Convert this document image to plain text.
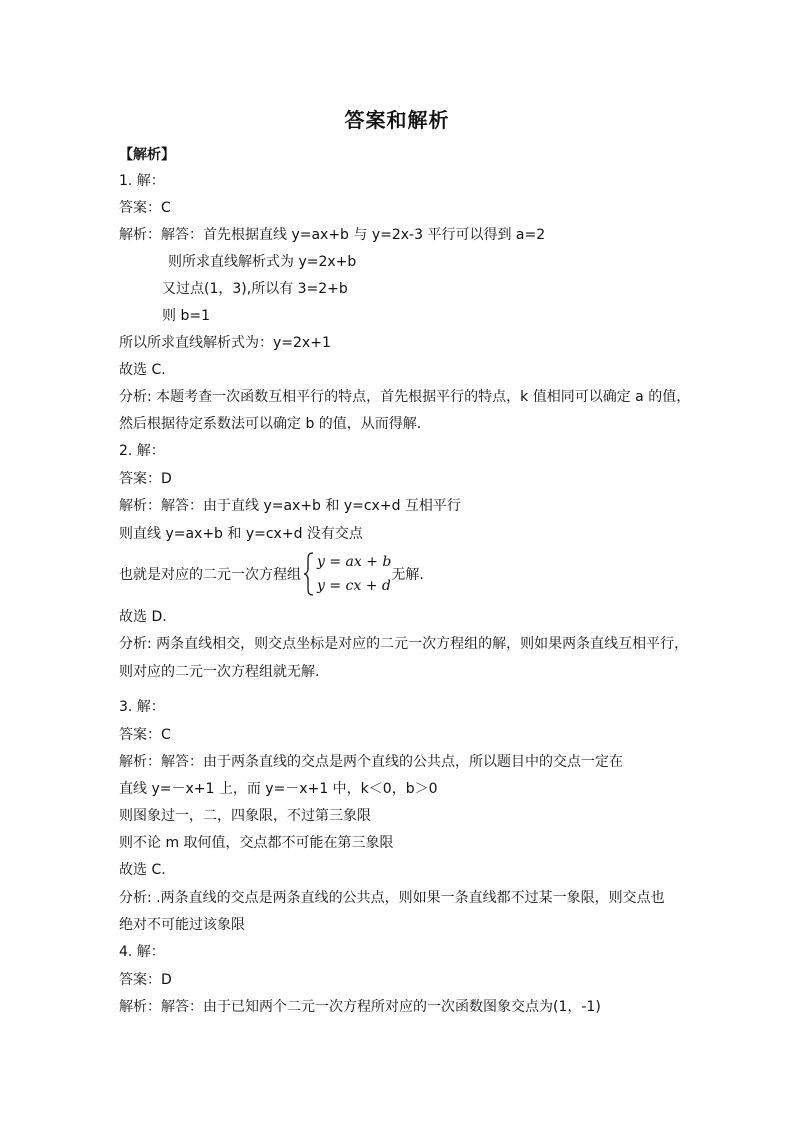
答案和解析
【解析】
1. 解：
答案：C
解析：解答：首先根据直线 y=ax+b 与 y=2x-3 平行可以得到 a=2
则所求直线解析式为 y=2x+b
又过点(1，3),所以有 3=2+b
则 b=1
所以所求直线解析式为：y=2x+1
故选 C.
分析: 本题考查一次函数互相平行的特点，首先根据平行的特点，k 值相同可以确定 a 的值，
然后根据待定系数法可以确定 b 的值，从而得解.
2. 解：
答案：D
解析：解答：由于直线 y=ax+b 和 y=cx+d 互相平行
则直线 y=ax+b 和 y=cx+d 没有交点
也就是对应的二元一次方程组
y = ax + b
y = cx + d
无解.
故选 D.
分析: 两条直线相交，则交点坐标是对应的二元一次方程组的解，则如果两条直线互相平行，
则对应的二元一次方程组就无解.
3. 解：
答案：C
解析：解答：由于两条直线的交点是两个直线的公共点，所以题目中的交点一定在
直线 y=－x+1 上，而 y=－x+1 中，k＜0，b＞0
则图象过一，二，四象限，不过第三象限
则不论 m 取何值，交点都不可能在第三象限
故选 C.
分析: .两条直线的交点是两条直线的公共点，则如果一条直线都不过某一象限，则交点也
绝对不可能过该象限
4. 解：
答案：D
解析：解答：由于已知两个二元一次方程所对应的一次函数图象交点为(1，-1)
